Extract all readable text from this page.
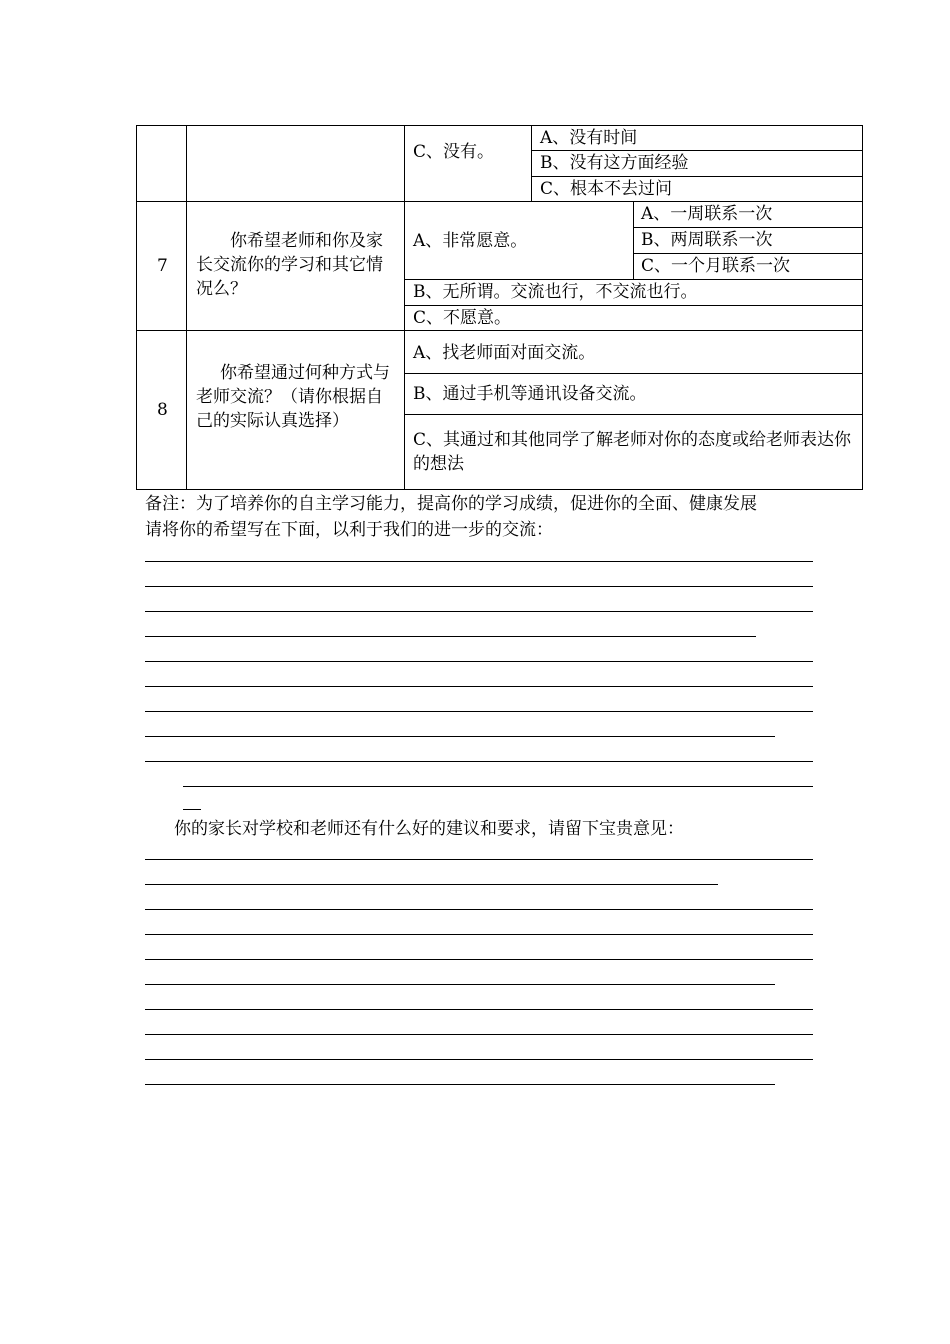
C、没有。
A、没有时间
B、没有这方面经验
C、根本不去过问
7
你希望老师和你及家长交流你的学习和其它情况么？
A、非常愿意。
A、一周联系一次
B、两周联系一次
C、一个月联系一次
B、无所谓。交流也行，不交流也行。
C、不愿意。
8
你希望通过何种方式与老师交流？（请你根据自己的实际认真选择）
A、找老师面对面交流。
B、通过手机等通讯设备交流。
C、其通过和其他同学了解老师对你的态度或给老师表达你的想法
备注：为了培养你的自主学习能力，提高你的学习成绩，促进你的全面、健康发展
请将你的希望写在下面，以利于我们的进一步的交流：
你的家长对学校和老师还有什么好的建议和要求，请留下宝贵意见：
